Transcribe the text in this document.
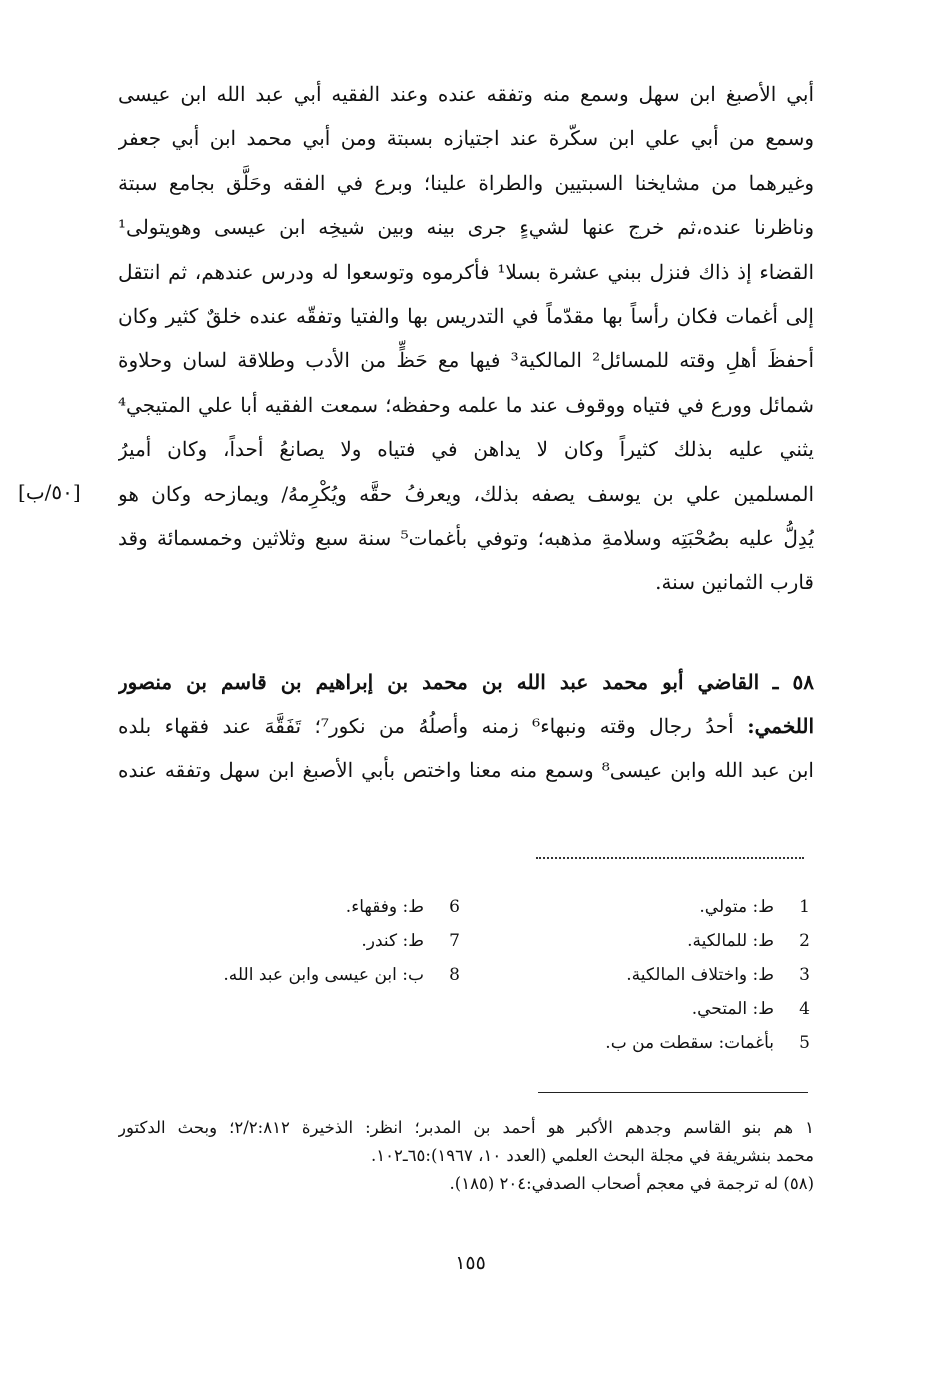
أبي الأصبغ ابن سهل وسمع منه وتفقه عنده وعند الفقيه أبي عبد الله ابن عيسى
وسمع من أبي علي ابن سكّرة عند اجتيازه بسبتة ومن أبي محمد ابن أبي جعفر
وغيرهما من مشايخنا السبتيين والطراة علينا؛ وبرع في الفقه وحَلَّق بجامع سبتة
وناظرنا عنده،ثم خرج عنها لشيءٍ جرى بينه وبين شيخِه ابن عيسى وهويتولى¹
القضاء إذ ذاك فنزل ببني عشرة بسلا¹ فأكرموه وتوسعوا له ودرس عندهم، ثم انتقل
إلى أغمات فكان رأساً بها مقدّماً في التدريس بها والفتيا وتفقّه عنده خلقٌ كثير وكان
أحفظَ أهلِ وقته للمسائل² المالكية³ فيها مع حَظٍّ من الأدب وطلاقة لسان وحلاوة
شمائل وورع في فتياه ووقوف عند ما علمه وحفظه؛ سمعت الفقيه أبا علي المتيجي⁴
يثني عليه بذلك كثيراً وكان لا يداهن في فتياه ولا يصانعُ أحداً، وكان أميرُ
المسلمين علي بن يوسف يصفه بذلك، ويعرفُ حقَّه ويُكْرِمهُ/ ويمازحه وكان هو
يُدِلُّ عليه بصُحْبَتِه وسلامةِ مذهبه؛ وتوفي بأغمات⁵ سنة سبع وثلاثين وخمسمائة وقد
قارب الثمانين سنة.
[٥٠/ب]
٥٨ ـ القاضي أبو محمد عبد الله بن محمد بن إبراهيم بن قاسم بن منصور
اللخمي: أحدُ رجال وقته ونبهاء⁶ زمنه وأصلُهُ من نكور⁷؛ تَفَقَّهَ عند فقهاء بلده
ابن عبد الله وابن عيسى⁸ وسمع منه معنا واختص بأبي الأصبغ ابن سهل وتفقه عنده
1
ط: متولي.
2
ط: للمالكية.
3
ط: واختلاف المالكية.
4
ط: المتحي.
5
بأغمات: سقطت من ب.
6
ط: وفقهاء.
7
ط: كندر.
8
ب: ابن عيسى وابن عبد الله.
١ هم بنو القاسم وجدهم الأكبر هو أحمد بن المدبر؛ انظر: الذخيرة ٢/٢:٨١٢؛ وبحث الدكتور
محمد بنشريفة في مجلة البحث العلمي (العدد ١٠، ١٩٦٧):٦٥ـ١٠٢.
(٥٨) له ترجمة في معجم أصحاب الصدفي:٢٠٤ (١٨٥).
١٥٥
